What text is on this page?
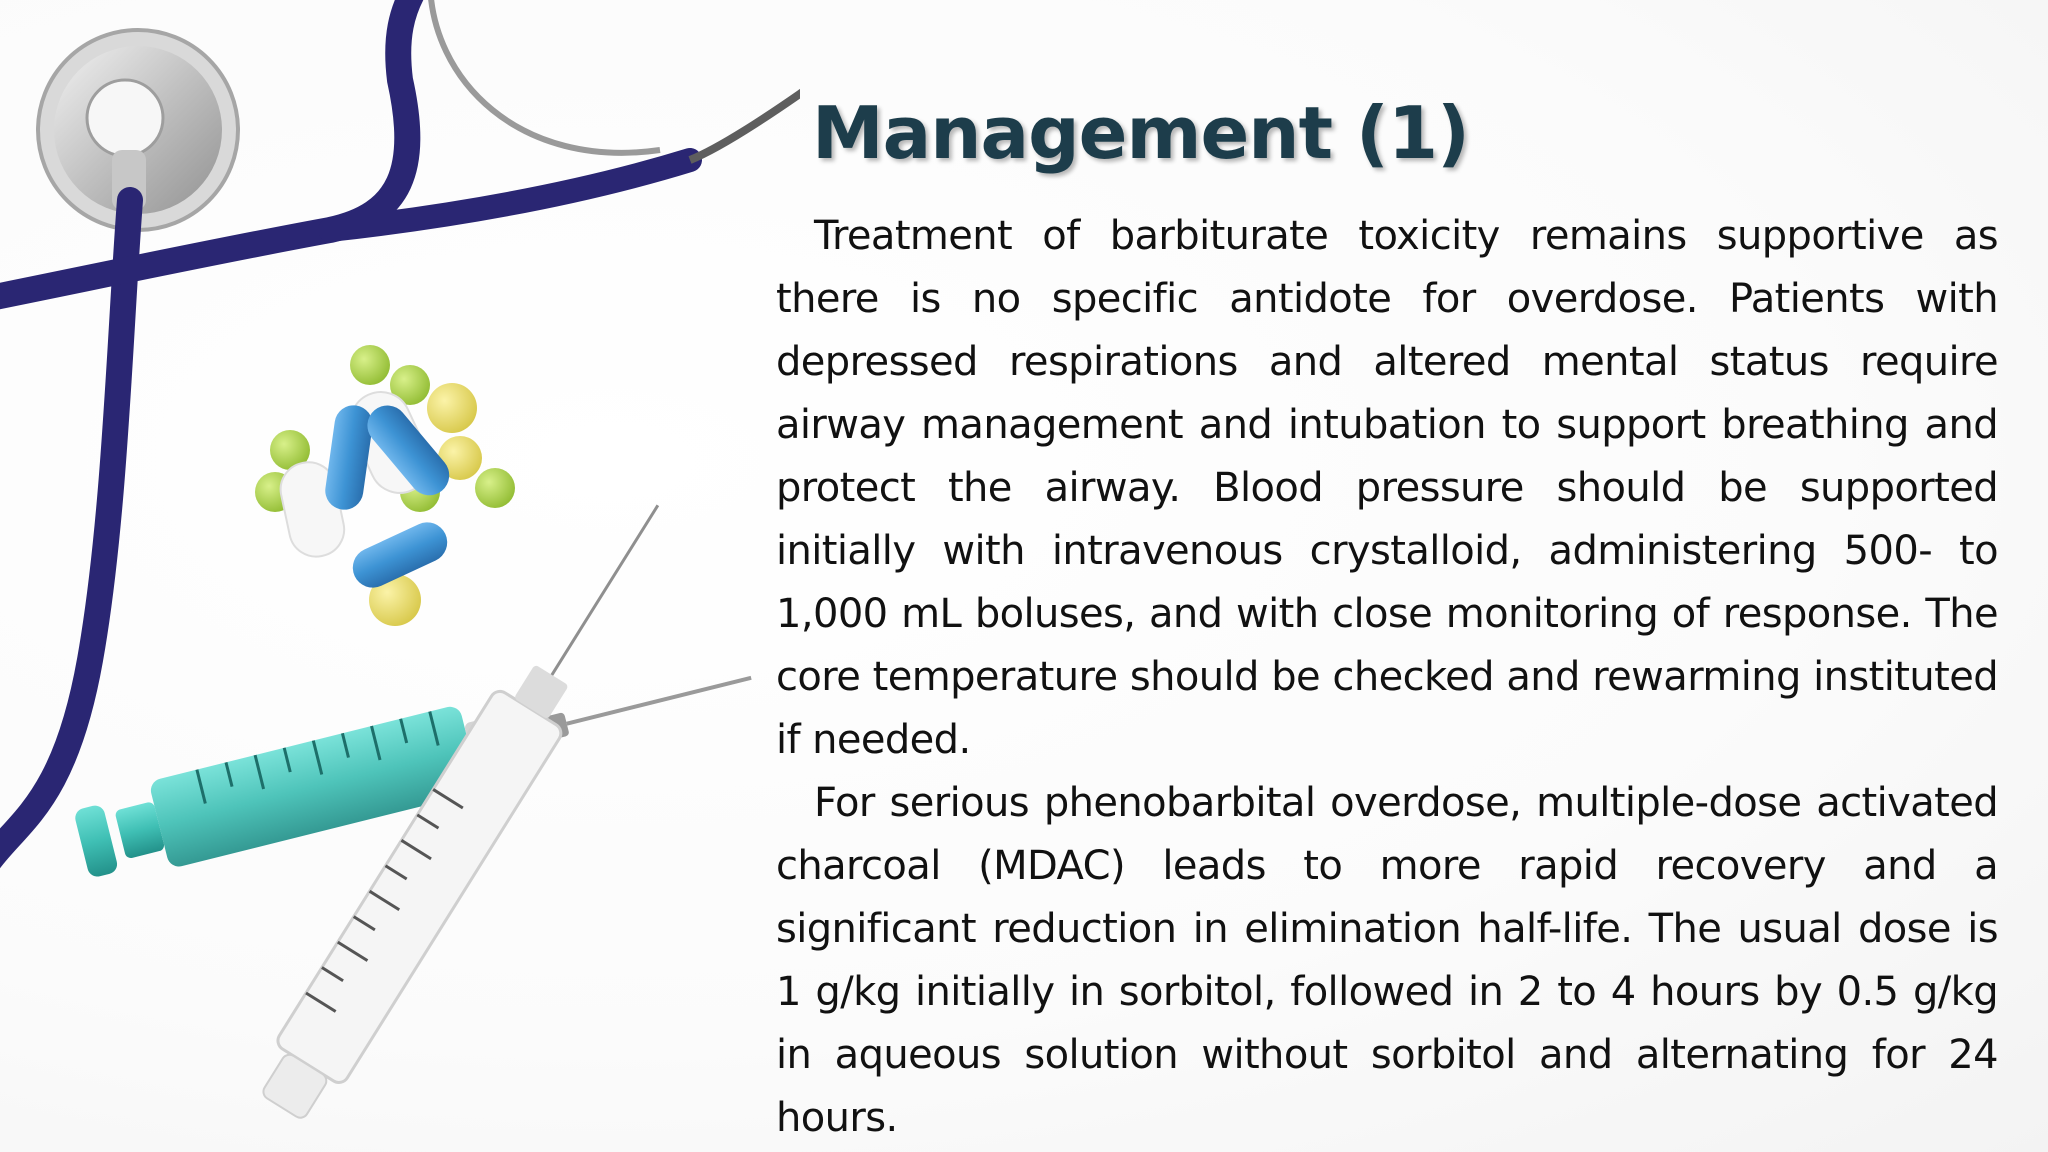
Management (1)

Treatment of barbiturate toxicity remains supportive as there is no specific antidote for overdose. Patients with depressed respirations and altered mental status require airway management and intubation to support breathing and protect the airway. Blood pressure should be supported initially with intravenous crystalloid, administering 500- to 1,000 mL boluses, and with close monitoring of response. The core temperature should be checked and rewarming instituted if needed.

For serious phenobarbital overdose, multiple-dose activated charcoal (MDAC) leads to more rapid recovery and a significant reduction in elimination half-life. The usual dose is 1 g/kg initially in sorbitol, followed in 2 to 4 hours by 0.5 g/kg in aqueous solution without sorbitol and alternating for 24 hours.
